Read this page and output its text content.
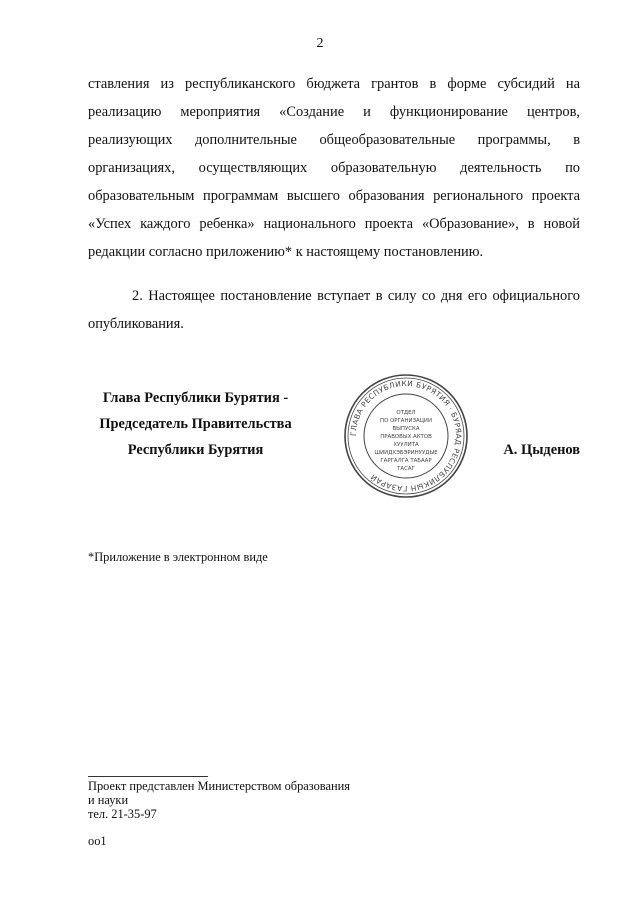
2
ставления из республиканского бюджета грантов в форме субсидий на реализацию мероприятия «Создание и функционирование центров, реализующих дополнительные общеобразовательные программы, в организациях, осуществляющих образовательную деятельность по образовательным программам высшего образования регионального проекта «Успех каждого ребенка» национального проекта «Образование», в новой редакции согласно приложению* к настоящему постановлению.
2. Настоящее постановление вступает в силу со дня его официального опубликования.
Глава Республики Бурятия -
Председатель Правительства
Республики Бурятия
ГЛАВА РЕСПУБЛИКИ БУРЯТИЯ · БУРЯАД РЕСПУБЛИКЫН ГАЗАРАЙ
ОТДЕЛ
ПО ОРГАНИЗАЦИИ
ВЫПУСКА
ПРАВОВЫХ АКТОВ
ХУУЛИТА
ШИИДХЭБЭРИНУУДЫЕ
ГАРГАЛГА ТАБААР
ТАСАГ
А. Цыденов
*Приложение в электронном виде
Проект представлен Министерством образования
и науки
тел. 21-35-97
оо1
